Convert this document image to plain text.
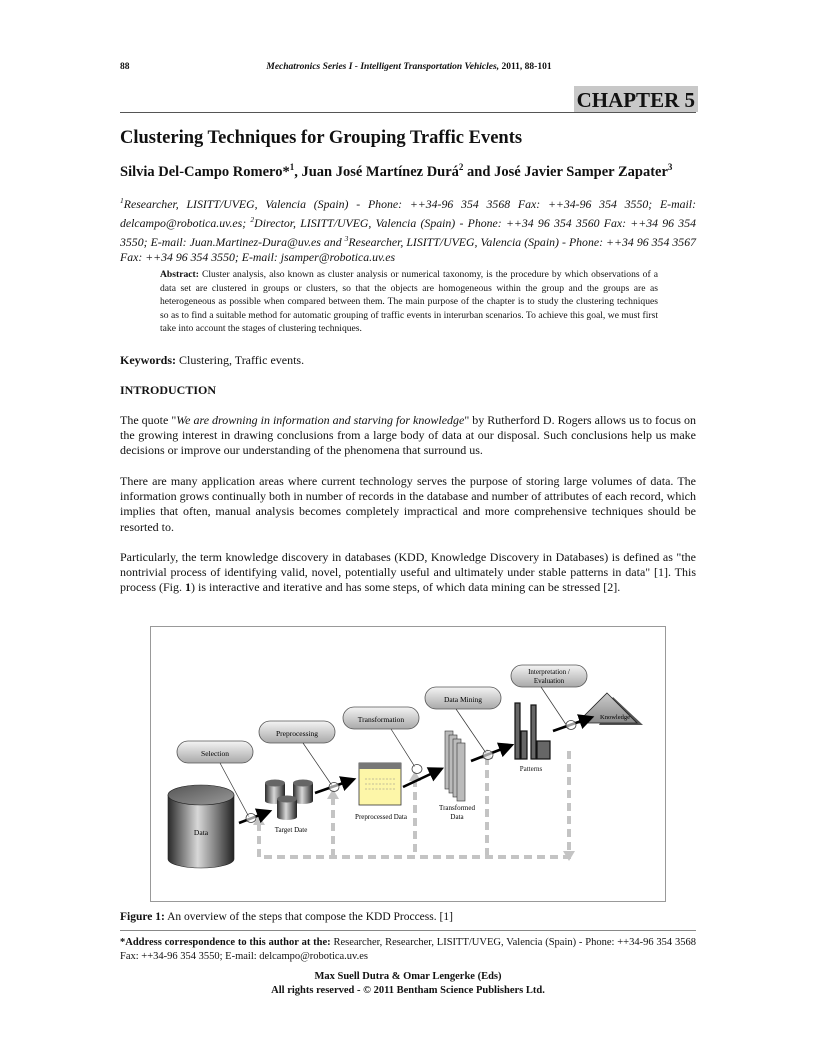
88	Mechatronics Series I - Intelligent Transportation Vehicles, 2011, 88-101
CHAPTER 5
Clustering Techniques for Grouping Traffic Events
Silvia Del-Campo Romero*$^1$, Juan José Martínez Durá$^2$ and José Javier Samper Zapater$^3$
$^1$Researcher, LISITT/UVEG, Valencia (Spain) - Phone: ++34-96 354 3568 Fax: ++34-96 354 3550; E-mail: delcampo@robotica.uv.es; $^2$Director, LISITT/UVEG, Valencia (Spain) - Phone: ++34 96 354 3560 Fax: ++34 96 354 3550; E-mail: Juan.Martinez-Dura@uv.es and $^3$Researcher, LISITT/UVEG, Valencia (Spain) - Phone: ++34 96 354 3567 Fax: ++34 96 354 3550; E-mail: jsamper@robotica.uv.es
Abstract: Cluster analysis, also known as cluster analysis or numerical taxonomy, is the procedure by which observations of a data set are clustered in groups or clusters, so that the objects are homogeneous within the group and the groups are as heterogeneous as possible when compared between them. The main purpose of the chapter is to study the clustering techniques so as to find a suitable method for automatic grouping of traffic events in interurban scenarios. To achieve this goal, we must first take into account the stages of clustering techniques.
Keywords: Clustering, Traffic events.
INTRODUCTION
The quote "We are drowning in information and starving for knowledge" by Rutherford D. Rogers allows us to focus on the growing interest in drawing conclusions from a large body of data at our disposal. Such conclusions help us make decisions or improve our understanding of the phenomena that surround us.
There are many application areas where current technology serves the purpose of storing large volumes of data. The information grows continually both in number of records in the database and number of attributes of each record, which implies that often, manual analysis becomes completely impractical and more comprehensive techniques should be resorted to.
Particularly, the term knowledge discovery in databases (KDD, Knowledge Discovery in Databases) is defined as "the nontrivial process of identifying valid, novel, potentially useful and ultimately under stable patterns in data" [1]. This process (Fig. 1) is interactive and iterative and has some steps, of which data mining can be stressed [2].
Selection
Preprocessing
Transformation
Data Mining
Interpretation /
Evaluation
Data	Target Date
Preprocessed Data
Transformed
Data
Patterns
Knowledge
Figure 1: An overview of the steps that compose the KDD Proccess. [1]
*Address correspondence to this author at the: Researcher, Researcher, LISITT/UVEG, Valencia (Spain) - Phone: ++34-96 354 3568 Fax: ++34-96 354 3550; E-mail: delcampo@robotica.uv.es
Max Suell Dutra & Omar Lengerke (Eds)
All rights reserved - © 2011 Bentham Science Publishers Ltd.
